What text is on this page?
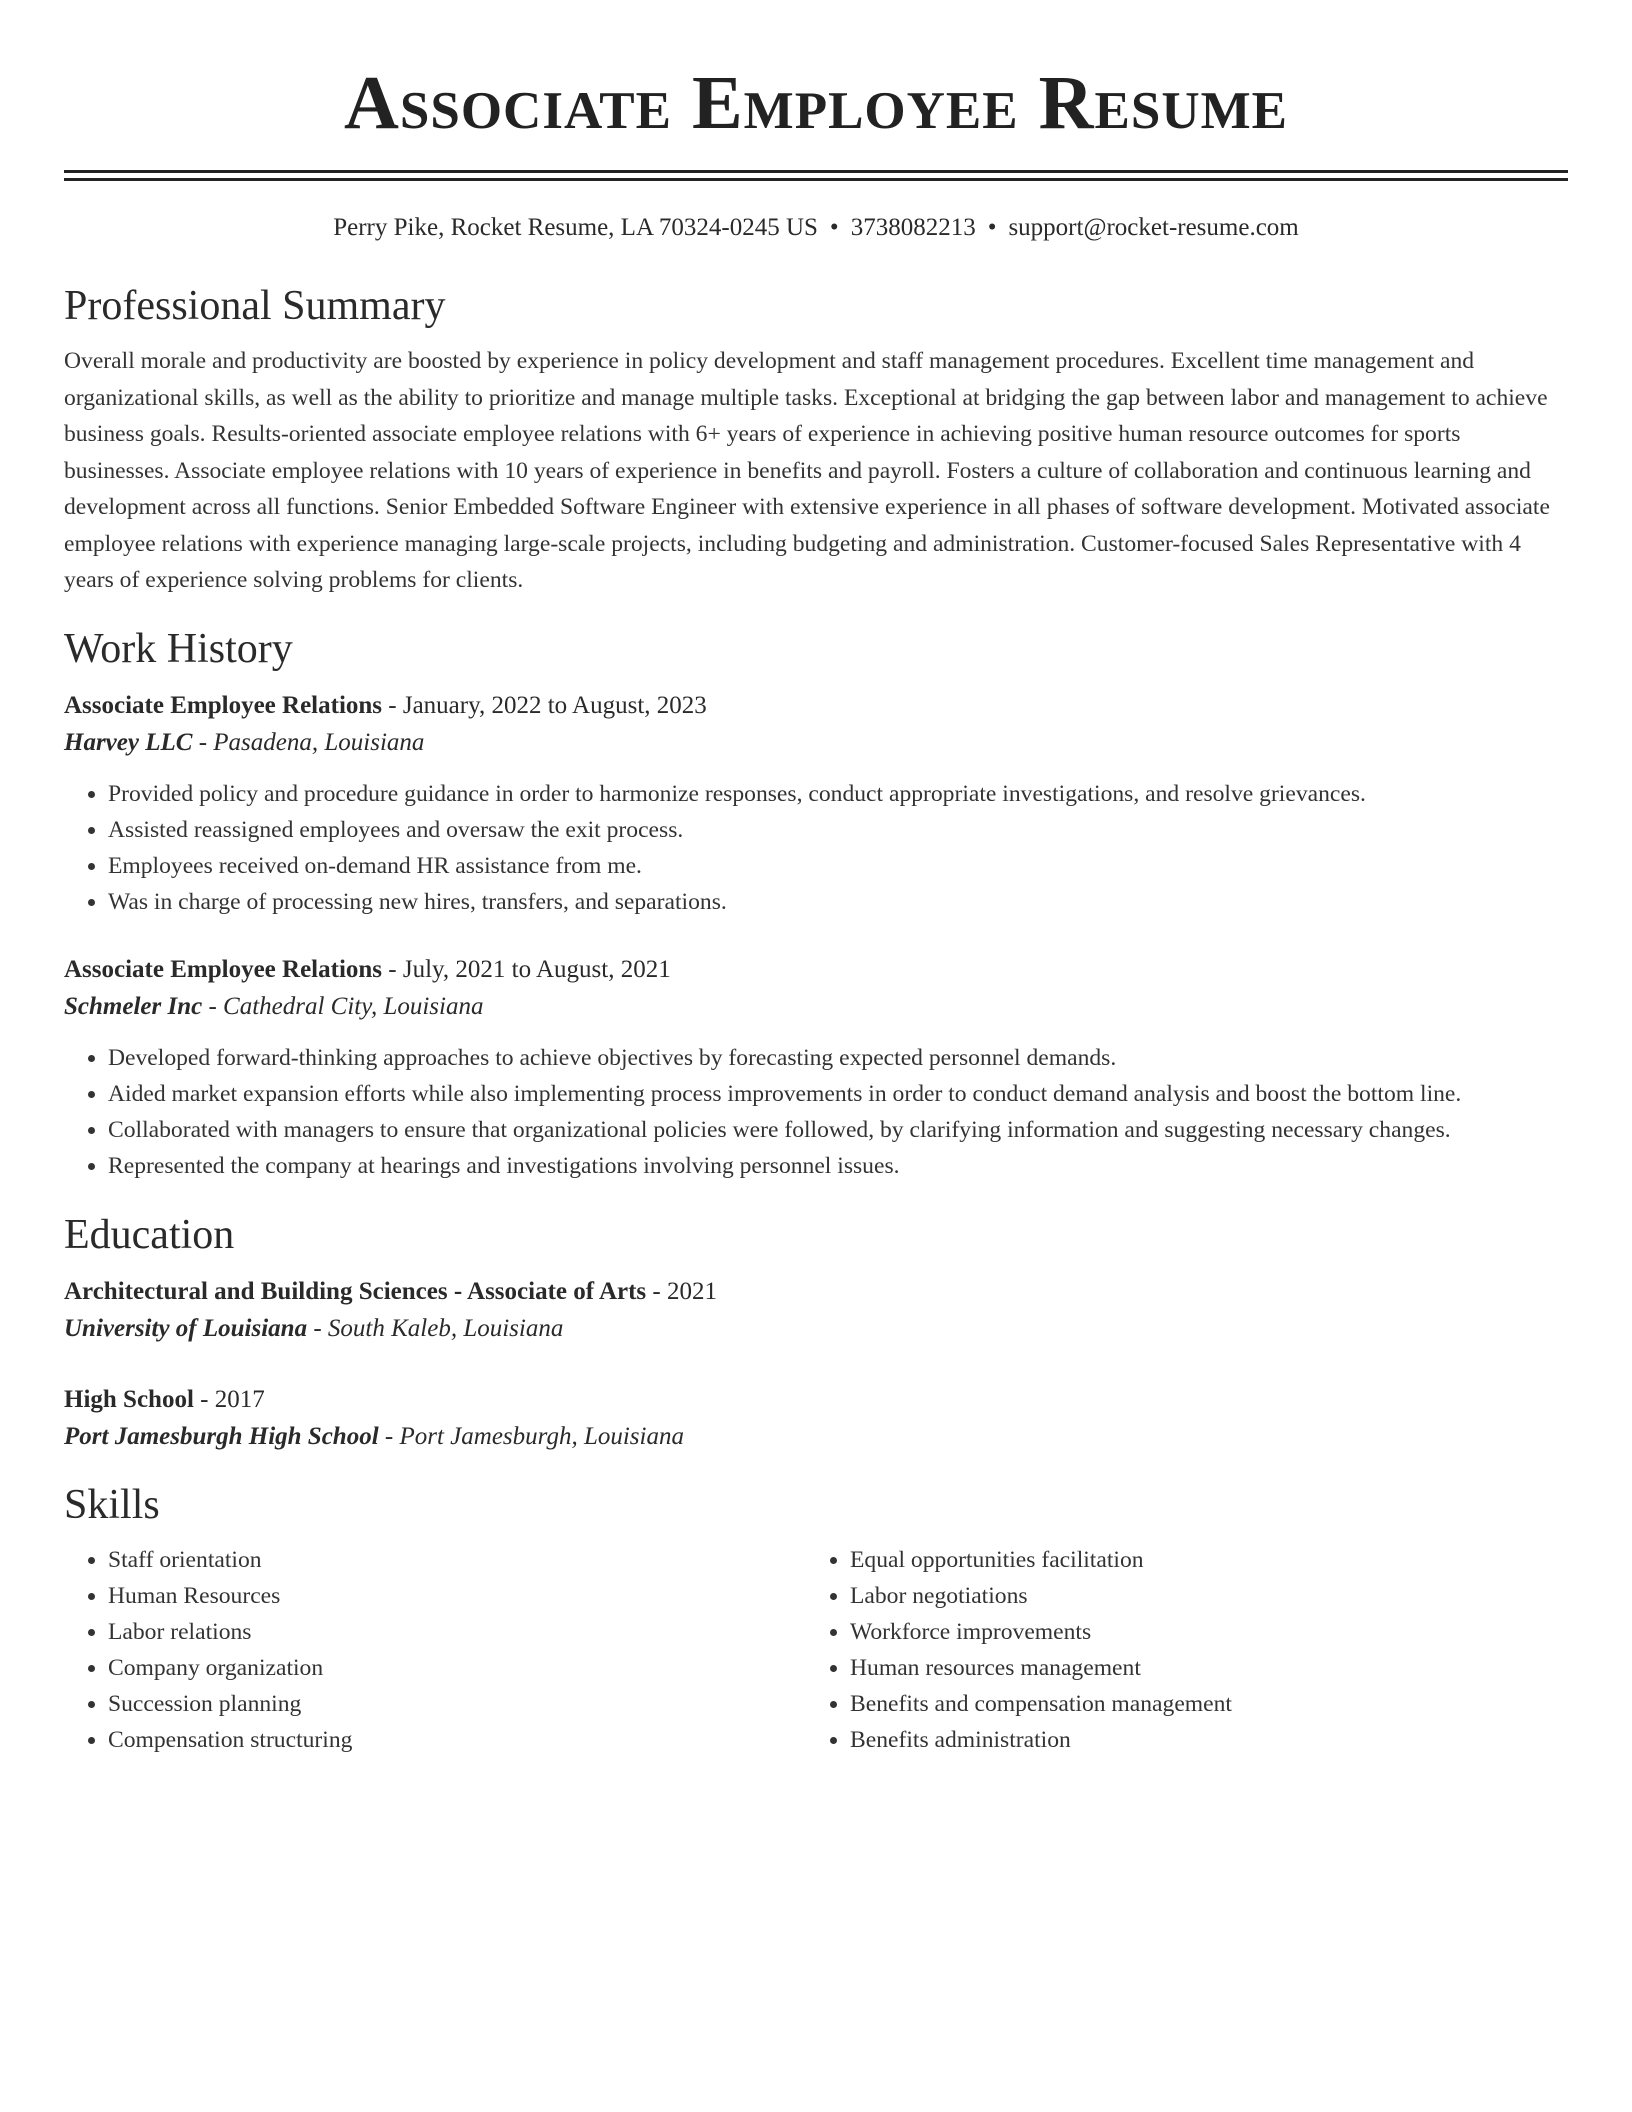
Associate Employee Resume
Perry Pike, Rocket Resume, LA 70324-0245 US • 3738082213 • support@rocket-resume.com
Professional Summary

Overall morale and productivity are boosted by experience in policy development and staff management procedures. Excellent time management and organizational skills, as well as the ability to prioritize and manage multiple tasks. Exceptional at bridging the gap between labor and management to achieve business goals. Results-oriented associate employee relations with 6+ years of experience in achieving positive human resource outcomes for sports businesses. Associate employee relations with 10 years of experience in benefits and payroll. Fosters a culture of collaboration and continuous learning and development across all functions. Senior Embedded Software Engineer with extensive experience in all phases of software development. Motivated associate employee relations with experience managing large-scale projects, including budgeting and administration. Customer-focused Sales Representative with 4 years of experience solving problems for clients.

Work History
Associate Employee Relations - January, 2022 to August, 2023
Harvey LLC - Pasadena, Louisiana
• Provided policy and procedure guidance in order to harmonize responses, conduct appropriate investigations, and resolve grievances.
• Assisted reassigned employees and oversaw the exit process.
• Employees received on-demand HR assistance from me.
• Was in charge of processing new hires, transfers, and separations.
Associate Employee Relations - July, 2021 to August, 2021
Schmeler Inc - Cathedral City, Louisiana
• Developed forward-thinking approaches to achieve objectives by forecasting expected personnel demands.
• Aided market expansion efforts while also implementing process improvements in order to conduct demand analysis and boost the bottom line.
• Collaborated with managers to ensure that organizational policies were followed, by clarifying information and suggesting necessary changes.
• Represented the company at hearings and investigations involving personnel issues.
Education
Architectural and Building Sciences - Associate of Arts - 2021
University of Louisiana - South Kaleb, Louisiana
High School - 2017
Port Jamesburgh High School - Port Jamesburgh, Louisiana
Skills
• Staff orientation
• Human Resources
• Labor relations
• Company organization
• Succession planning
• Compensation structuring
• Equal opportunities facilitation
• Labor negotiations
• Workforce improvements
• Human resources management
• Benefits and compensation management
• Benefits administration
